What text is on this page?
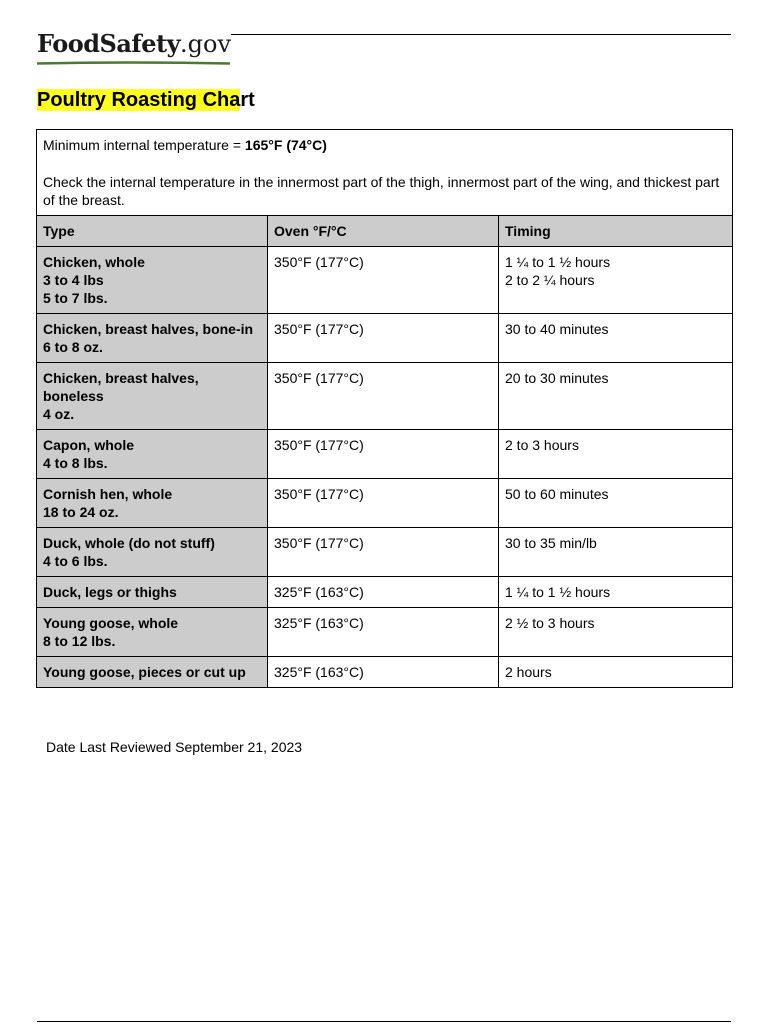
FoodSafety.gov
Poultry Roasting Chart

Minimum internal temperature = 165°F (74°C)

Check the internal temperature in the innermost part of the thigh, innermost part of the wing, and thickest part of the breast.		

Type	Oven °F/°C	Timing

Chicken, whole
3 to 4 lbs
5 to 7 lbs.	350°F (177°C)	1 ¼ to 1 ½ hours
2 to 2 ¼ hours

Chicken, breast halves, bone-in
6 to 8 oz.	350°F (177°C)	30 to 40 minutes

Chicken, breast halves, boneless
4 oz.	350°F (177°C)	20 to 30 minutes

Capon, whole
4 to 8 lbs.	350°F (177°C)	2 to 3 hours

Cornish hen, whole
18 to 24 oz.	350°F (177°C)	50 to 60 minutes

Duck, whole (do not stuff)
4 to 6 lbs.	350°F (177°C)	30 to 35 min/lb

Duck, legs or thighs	325°F (163°C)	1 ¼ to 1 ½ hours

Young goose, whole
8 to 12 lbs.	325°F (163°C)	2 ½ to 3 hours

Young goose, pieces or cut up	325°F (163°C)	2 hours

Date Last Reviewed September 21, 2023
